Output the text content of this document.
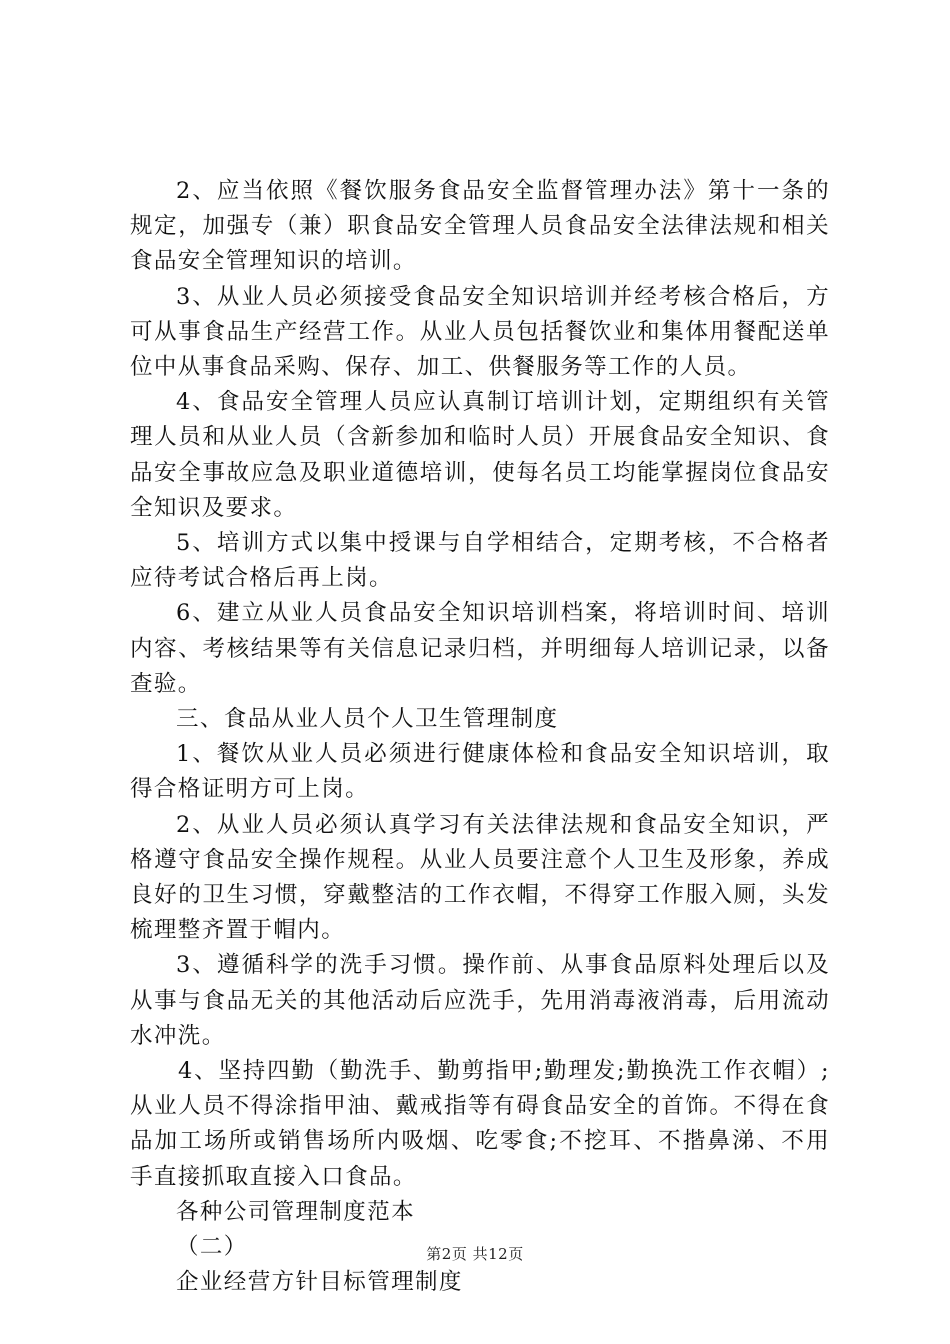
2、应当依照《餐饮服务食品安全监督管理办法》第十一条的规定，加强专（兼）职食品安全管理人员食品安全法律法规和相关食品安全管理知识的培训。

3、从业人员必须接受食品安全知识培训并经考核合格后，方可从事食品生产经营工作。从业人员包括餐饮业和集体用餐配送单位中从事食品采购、保存、加工、供餐服务等工作的人员。

4、食品安全管理人员应认真制订培训计划，定期组织有关管理人员和从业人员（含新参加和临时人员）开展食品安全知识、食品安全事故应急及职业道德培训，使每名员工均能掌握岗位食品安全知识及要求。

5、培训方式以集中授课与自学相结合，定期考核，不合格者应待考试合格后再上岗。

6、建立从业人员食品安全知识培训档案，将培训时间、培训内容、考核结果等有关信息记录归档，并明细每人培训记录，以备查验。

三、食品从业人员个人卫生管理制度

1、餐饮从业人员必须进行健康体检和食品安全知识培训，取得合格证明方可上岗。

2、从业人员必须认真学习有关法律法规和食品安全知识，严格遵守食品安全操作规程。从业人员要注意个人卫生及形象，养成良好的卫生习惯，穿戴整洁的工作衣帽，不得穿工作服入厕，头发梳理整齐置于帽内。

3、遵循科学的洗手习惯。操作前、从事食品原料处理后以及从事与食品无关的其他活动后应洗手，先用消毒液消毒，后用流动水冲洗。

4、坚持四勤（勤洗手、勤剪指甲;勤理发;勤换洗工作衣帽）;从业人员不得涂指甲油、戴戒指等有碍食品安全的首饰。不得在食品加工场所或销售场所内吸烟、吃零食;不挖耳、不揩鼻涕、不用手直接抓取直接入口食品。

各种公司管理制度范本

（二）

企业经营方针目标管理制度

第2页 共12页
